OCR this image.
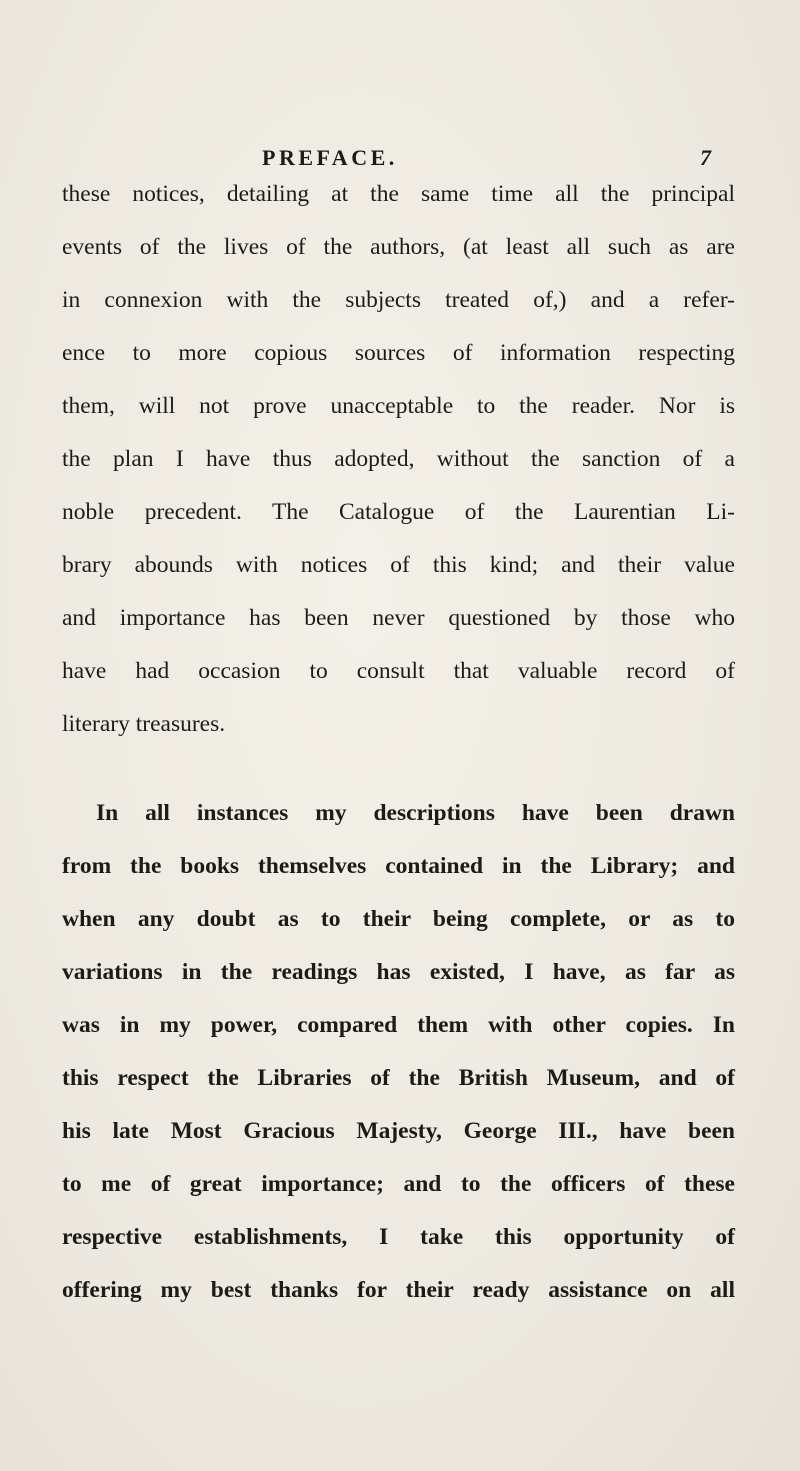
PREFACE.	7
these notices, detailing at the same time all the principal
events of the lives of the authors, (at least all such as are
in connexion with the subjects treated of,) and a refer-
ence to more copious sources of information respecting
them, will not prove unacceptable to the reader. Nor is
the plan I have thus adopted, without the sanction of a
noble precedent. The Catalogue of the Laurentian Li-
brary abounds with notices of this kind; and their value
and importance has been never questioned by those who
have had occasion to consult that valuable record of
literary treasures.
In all instances my descriptions have been drawn
from the books themselves contained in the Library; and
when any doubt as to their being complete, or as to
variations in the readings has existed, I have, as far as
was in my power, compared them with other copies. In
this respect the Libraries of the British Museum, and of
his late Most Gracious Majesty, George III., have been
to me of great importance; and to the officers of these
respective establishments, I take this opportunity of
offering my best thanks for their ready assistance on all
